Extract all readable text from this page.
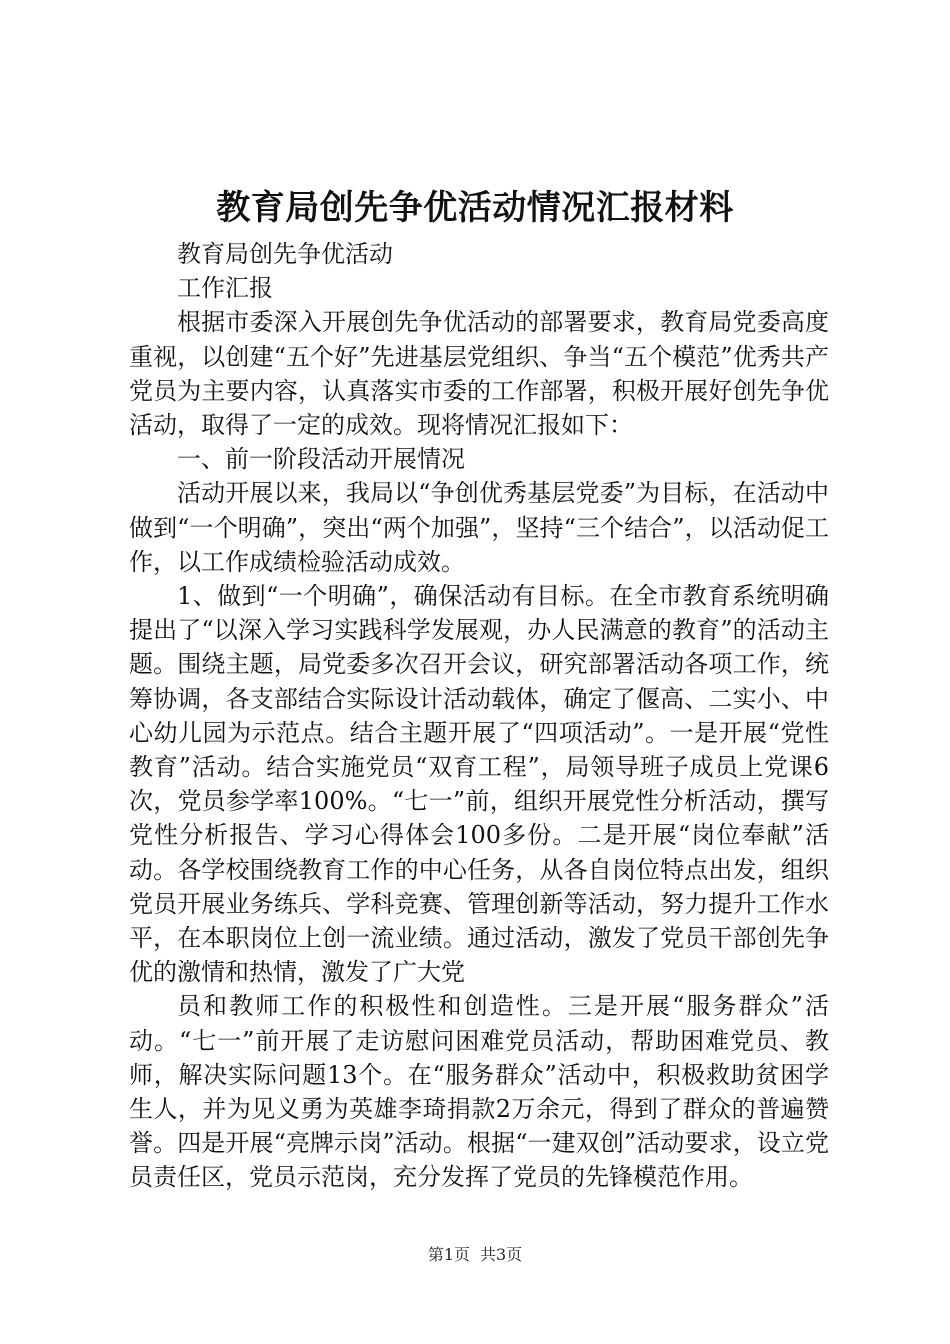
教育局创先争优活动情况汇报材料

教育局创先争优活动

工作汇报

根据市委深入开展创先争优活动的部署要求，教育局党委高度重视，以创建“五个好”先进基层党组织、争当“五个模范”优秀共产党员为主要内容，认真落实市委的工作部署，积极开展好创先争优活动，取得了一定的成效。现将情况汇报如下：

一、前一阶段活动开展情况

活动开展以来，我局以“争创优秀基层党委”为目标，在活动中做到“一个明确”，突出“两个加强”，坚持“三个结合”，以活动促工作，以工作成绩检验活动成效。

1、做到“一个明确”，确保活动有目标。在全市教育系统明确提出了“以深入学习实践科学发展观，办人民满意的教育”的活动主题。围绕主题，局党委多次召开会议，研究部署活动各项工作，统筹协调，各支部结合实际设计活动载体，确定了偃高、二实小、中心幼儿园为示范点。结合主题开展了“四项活动”。一是开展“党性教育”活动。结合实施党员“双育工程”，局领导班子成员上党课6次，党员参学率100%。“七一”前，组织开展党性分析活动，撰写党性分析报告、学习心得体会100多份。二是开展“岗位奉献”活动。各学校围绕教育工作的中心任务，从各自岗位特点出发，组织党员开展业务练兵、学科竞赛、管理创新等活动，努力提升工作水平，在本职岗位上创一流业绩。通过活动，激发了党员干部创先争优的激情和热情，激发了广大党

员和教师工作的积极性和创造性。三是开展“服务群众”活动。“七一”前开展了走访慰问困难党员活动，帮助困难党员、教师，解决实际问题13个。在“服务群众”活动中，积极救助贫困学生人，并为见义勇为英雄李琦捐款2万余元，得到了群众的普遍赞誉。四是开展“亮牌示岗”活动。根据“一建双创”活动要求，设立党员责任区，党员示范岗，充分发挥了党员的先锋模范作用。

第1页 共3页
